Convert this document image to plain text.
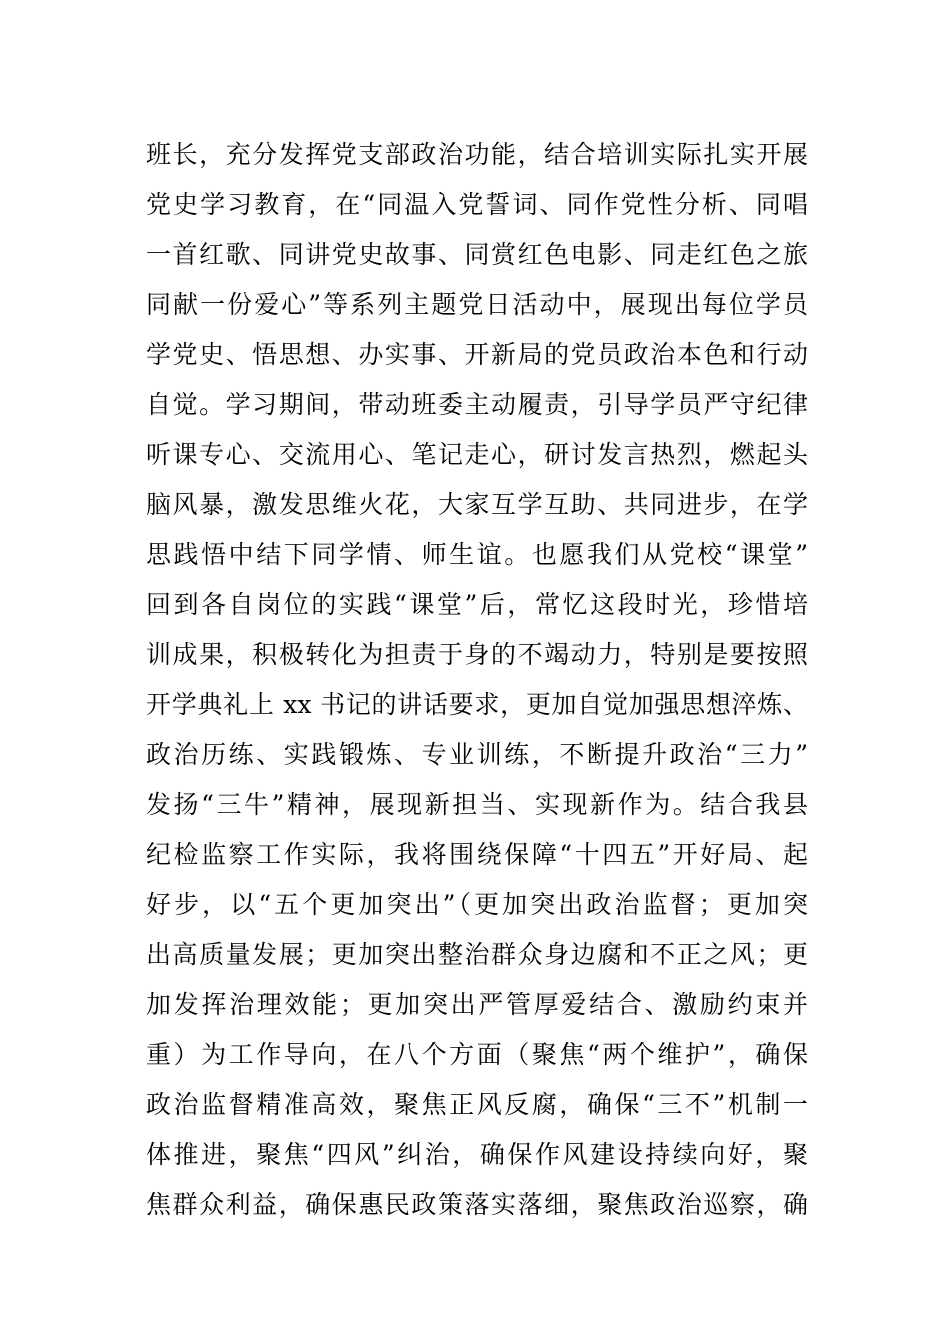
班长，充分发挥党支部政治功能，结合培训实际扎实开展
党史学习教育，在“同温入党誓词、同作党性分析、同唱
一首红歌、同讲党史故事、同赏红色电影、同走红色之旅
同献一份爱心”等系列主题党日活动中，展现出每位学员
学党史、悟思想、办实事、开新局的党员政治本色和行动
自觉。学习期间，带动班委主动履责，引导学员严守纪律
听课专心、交流用心、笔记走心，研讨发言热烈，燃起头
脑风暴，激发思维火花，大家互学互助、共同进步，在学
思践悟中结下同学情、师生谊。也愿我们从党校“课堂”
回到各自岗位的实践“课堂”后，常忆这段时光，珍惜培
训成果，积极转化为担责于身的不竭动力，特别是要按照
开学典礼上 xx 书记的讲话要求，更加自觉加强思想淬炼、
政治历练、实践锻炼、专业训练，不断提升政治“三力”
发扬“三牛”精神，展现新担当、实现新作为。结合我县
纪检监察工作实际，我将围绕保障“十四五”开好局、起
好步，以“五个更加突出”（更加突出政治监督；更加突
出高质量发展；更加突出整治群众身边腐和不正之风；更
加发挥治理效能；更加突出严管厚爱结合、激励约束并
重）为工作导向，在八个方面（聚焦“两个维护”，确保
政治监督精准高效，聚焦正风反腐，确保“三不”机制一
体推进，聚焦“四风”纠治，确保作风建设持续向好，聚
焦群众利益，确保惠民政策落实落细，聚焦政治巡察，确
